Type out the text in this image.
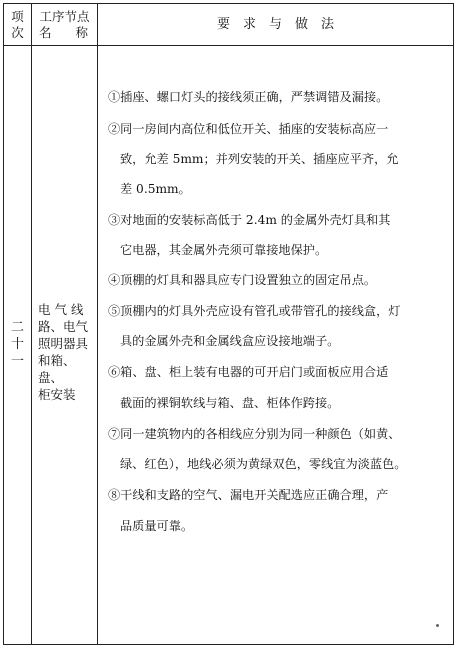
项
次
工序节点
名 称
要　求　与　做　法
二
十
一
电 气 线
路、电气
照明器具
和箱、盘、
柜安装
①插座、螺口灯头的接线须正确，严禁调错及漏接。
②同一房间内高位和低位开关、插座的安装标高应一
致，允差 5mm；并列安装的开关、插座应平齐，允
差 0.5mm。
③对地面的安装标高低于 2.4m 的金属外壳灯具和其
它电器，其金属外壳须可靠接地保护。
④顶棚的灯具和器具应专门设置独立的固定吊点。
⑤顶棚内的灯具外壳应设有管孔或带管孔的接线盒，灯
具的金属外壳和金属线盒应设接地端子。
⑥箱、盘、柜上装有电器的可开启门或面板应用合适
截面的裸铜软线与箱、盘、柜体作跨接。
⑦同一建筑物内的各相线应分别为同一种颜色（如黄、
绿、红色），地线必须为黄绿双色，零线宜为淡蓝色。
⑧干线和支路的空气、漏电开关配选应正确合理，产
品质量可靠。
